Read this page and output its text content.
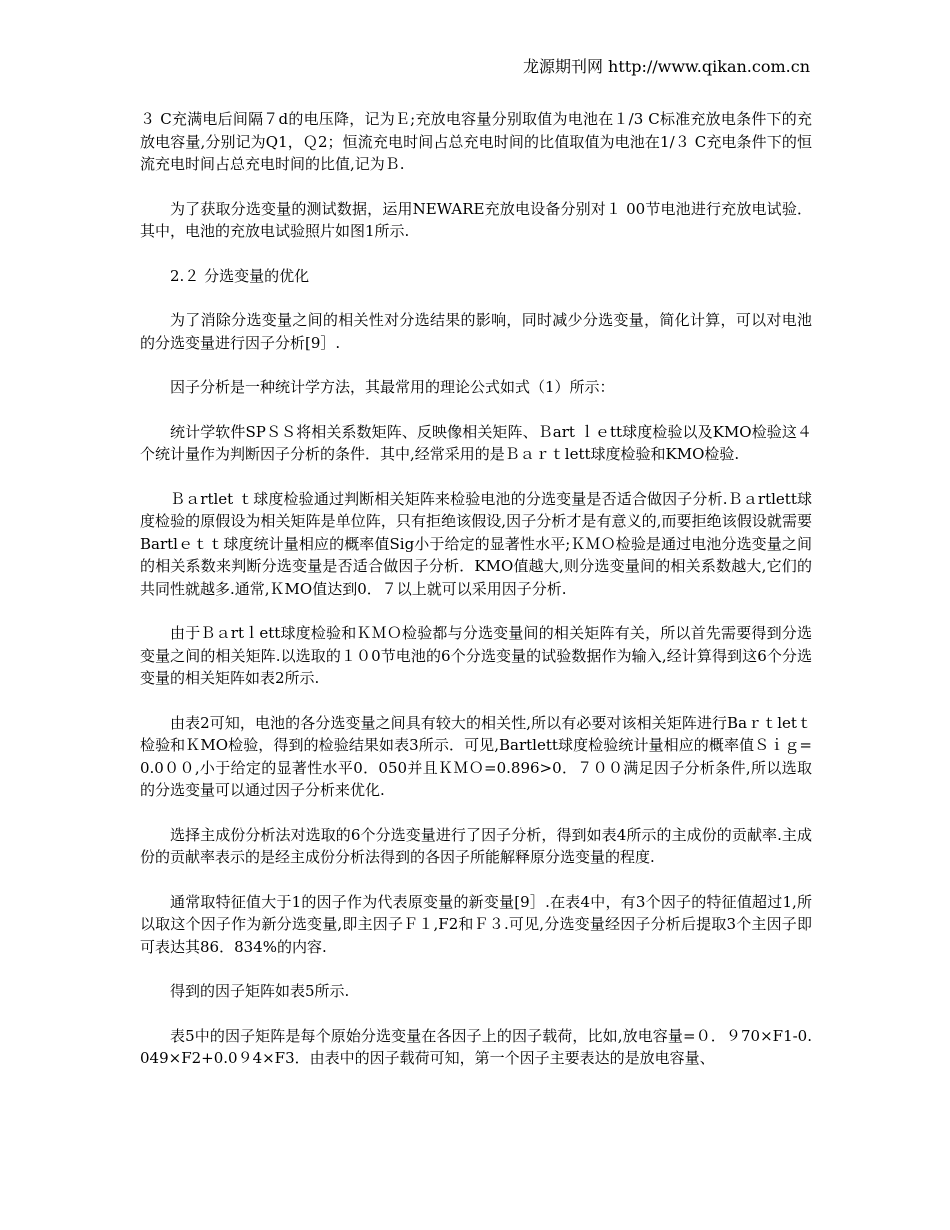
龙源期刊网 http://www.qikan.com.cn

３ C充满电后间隔７d的电压降，记为Ｅ;充放电容量分别取值为电池在１/3 C标准充放电条件下的充放电容量,分别记为Q1，Ｑ2；恒流充电时间占总充电时间的比值取值为电池在1/３ C充电条件下的恒流充电时间占总充电时间的比值,记为Ｂ.

为了获取分选变量的测试数据，运用NEWARE充放电设备分别对１ 00节电池进行充放电试验．其中，电池的充放电试验照片如图1所示.

2.２ 分选变量的优化

为了消除分选变量之间的相关性对分选结果的影响，同时减少分选变量，简化计算，可以对电池的分选变量进行因子分析[9］.

因子分析是一种统计学方法，其最常用的理论公式如式（1）所示：

统计学软件SPＳＳ将相关系数矩阵、反映像相关矩阵、Ｂart ｌｅtt球度检验以及KMO检验这４个统计量作为判断因子分析的条件．其中,经常采用的是Ｂａｒｔlett球度检验和KMO检验.

Ｂａrtlet ｔ球度检验通过判断相关矩阵来检验电池的分选变量是否适合做因子分析.Ｂａrtlett球度检验的原假设为相关矩阵是单位阵，只有拒绝该假设,因子分析才是有意义的,而要拒绝该假设就需要Bartlｅｔｔ球度统计量相应的概率值Sig小于给定的显著性水平;ＫＭＯ检验是通过电池分选变量之间的相关系数来判断分选变量是否适合做因子分析．KMO值越大,则分选变量间的相关系数越大,它们的共同性就越多.通常,ＫMO值达到0．７以上就可以采用因子分析.

由于Ｂａrtｌett球度检验和ＫＭＯ检验都与分选变量间的相关矩阵有关，所以首先需要得到分选变量之间的相关矩阵.以选取的１０0节电池的6个分选变量的试验数据作为输入,经计算得到这6个分选变量的相关矩阵如表2所示.

由表2可知，电池的各分选变量之间具有较大的相关性,所以有必要对该相关矩阵进行Baｒｔletｔ检验和ＫMO检验，得到的检验结果如表3所示．可见,Bartlett球度检验统计量相应的概率值Ｓｉｇ=0.0００,小于给定的显著性水平0．050并且ＫＭＯ=0.896>0．７００满足因子分析条件,所以选取的分选变量可以通过因子分析来优化.

选择主成份分析法对选取的6个分选变量进行了因子分析，得到如表4所示的主成份的贡献率.主成份的贡献率表示的是经主成份分析法得到的各因子所能解释原分选变量的程度.

通常取特征值大于1的因子作为代表原变量的新变量[9］.在表4中，有3个因子的特征值超过1,所以取这个因子作为新分选变量,即主因子Ｆ１,F2和Ｆ３.可见,分选变量经因子分析后提取3个主因子即可表达其86．834%的内容.

得到的因子矩阵如表5所示.

表5中的因子矩阵是每个原始分选变量在各因子上的因子载荷，比如,放电容量=０．９70×F1-0.049×F2+0.0９4×F3．由表中的因子载荷可知，第一个因子主要表达的是放电容量、
